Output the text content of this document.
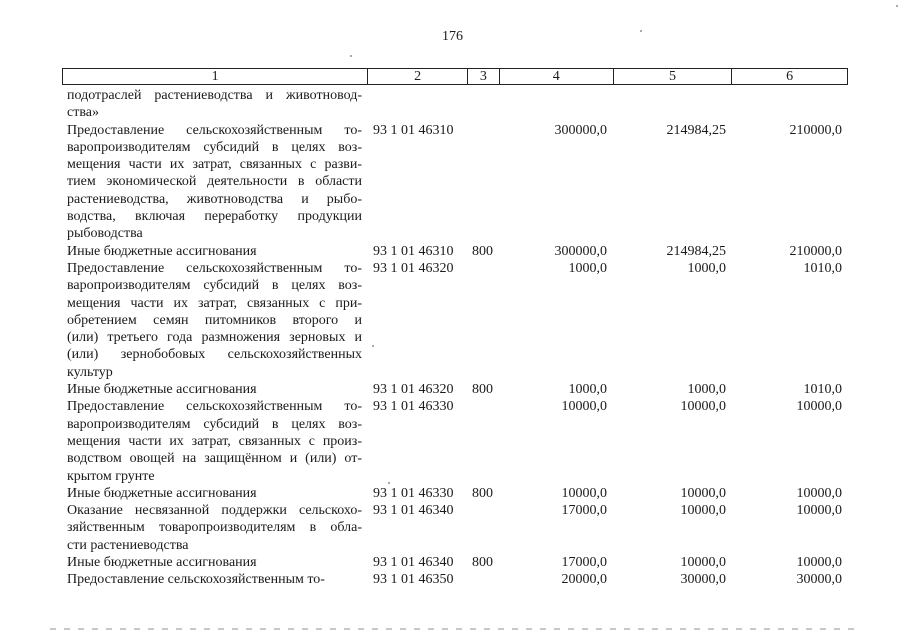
176
1	2	3	4	5	6
подотраслей растениеводства и животновод-
ства»
Предоставление сельскохозяйственным то-
варопроизводителям субсидий в целях воз-
мещения части их затрат, связанных с разви-
тием экономической деятельности в области
растениеводства, животноводства и рыбо-
водства, включая переработку продукции
рыбоводства
93 1 01 46310	300000,0	214984,25	210000,0
Иные бюджетные ассигнования	93 1 01 46310 800	300000,0	214984,25	210000,0
Предоставление сельскохозяйственным то-
варопроизводителям субсидий в целях воз-
мещения части их затрат, связанных с при-
обретением семян питомников второго и
(или) третьего года размножения зерновых и
(или) зернобобовых сельскохозяйственных
культур
93 1 01 46320	1000,0	1000,0	1010,0
Иные бюджетные ассигнования	93 1 01 46320 800	1000,0	1000,0	1010,0
Предоставление сельскохозяйственным то-
варопроизводителям субсидий в целях воз-
мещения части их затрат, связанных с произ-
водством овощей на защищённом и (или) от-
крытом грунте
93 1 01 46330	10000,0	10000,0	10000,0
Иные бюджетные ассигнования	93 1 01 46330 800	10000,0	10000,0	10000,0
Оказание несвязанной поддержки сельскохо-
зяйственным товаропроизводителям в обла-
сти растениеводства
93 1 01 46340	17000,0	10000,0	10000,0
Иные бюджетные ассигнования	93 1 01 46340 800	17000,0	10000,0	10000,0
Предоставление сельскохозяйственным то-	93 1 01 46350	20000,0	30000,0	30000,0
